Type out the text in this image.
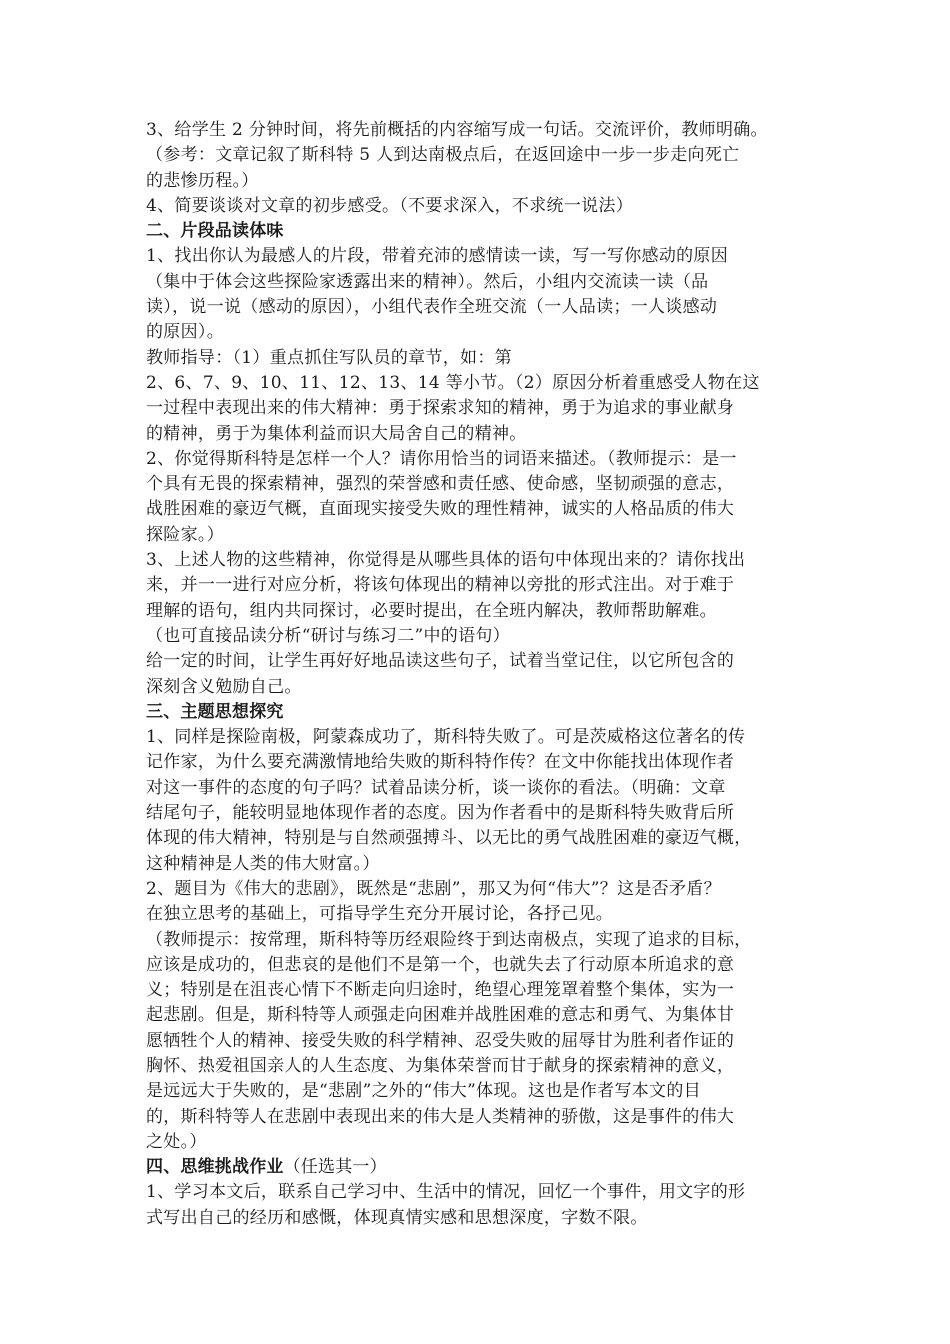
3、给学生 2 分钟时间，将先前概括的内容缩写成一句话。交流评价，教师明确。
（参考：文章记叙了斯科特 5 人到达南极点后，在返回途中一步一步走向死亡
的悲惨历程。）
4、简要谈谈对文章的初步感受。（不要求深入，不求统一说法）
二、片段品读体味
1、找出你认为最感人的片段，带着充沛的感情读一读，写一写你感动的原因
（集中于体会这些探险家透露出来的精神）。然后，小组内交流读一读（品
读），说一说（感动的原因），小组代表作全班交流（一人品读；一人谈感动
的原因）。
教师指导：（1）重点抓住写队员的章节，如：第
2、6、7、9、10、11、12、13、14 等小节。（2）原因分析着重感受人物在这
一过程中表现出来的伟大精神：勇于探索求知的精神，勇于为追求的事业献身
的精神，勇于为集体利益而识大局舍自己的精神。
2、你觉得斯科特是怎样一个人？请你用恰当的词语来描述。（教师提示：是一
个具有无畏的探索精神，强烈的荣誉感和责任感、使命感，坚韧顽强的意志，
战胜困难的豪迈气概，直面现实接受失败的理性精神，诚实的人格品质的伟大
探险家。）
3、上述人物的这些精神，你觉得是从哪些具体的语句中体现出来的？请你找出
来，并一一进行对应分析，将该句体现出的精神以旁批的形式注出。对于难于
理解的语句，组内共同探讨，必要时提出，在全班内解决，教师帮助解难。
（也可直接品读分析“研讨与练习二”中的语句）
给一定的时间，让学生再好好地品读这些句子，试着当堂记住，以它所包含的
深刻含义勉励自己。
三、主题思想探究
1、同样是探险南极，阿蒙森成功了，斯科特失败了。可是茨威格这位著名的传
记作家，为什么要充满激情地给失败的斯科特作传？在文中你能找出体现作者
对这一事件的态度的句子吗？试着品读分析，谈一谈你的看法。（明确：文章
结尾句子，能较明显地体现作者的态度。因为作者看中的是斯科特失败背后所
体现的伟大精神，特别是与自然顽强搏斗、以无比的勇气战胜困难的豪迈气概，
这种精神是人类的伟大财富。）
2、题目为《伟大的悲剧》，既然是“悲剧”，那又为何“伟大”？这是否矛盾？
在独立思考的基础上，可指导学生充分开展讨论，各抒己见。
（教师提示：按常理，斯科特等历经艰险终于到达南极点，实现了追求的目标，
应该是成功的，但悲哀的是他们不是第一个，也就失去了行动原本所追求的意
义；特别是在沮丧心情下不断走向归途时，绝望心理笼罩着整个集体，实为一
起悲剧。但是，斯科特等人顽强走向困难并战胜困难的意志和勇气、为集体甘
愿牺牲个人的精神、接受失败的科学精神、忍受失败的屈辱甘为胜利者作证的
胸怀、热爱祖国亲人的人生态度、为集体荣誉而甘于献身的探索精神的意义，
是远远大于失败的，是“悲剧”之外的“伟大”体现。这也是作者写本文的目
的，斯科特等人在悲剧中表现出来的伟大是人类精神的骄傲，这是事件的伟大
之处。）
四、思维挑战作业（任选其一）
1、学习本文后，联系自己学习中、生活中的情况，回忆一个事件，用文字的形
式写出自己的经历和感慨，体现真情实感和思想深度，字数不限。
